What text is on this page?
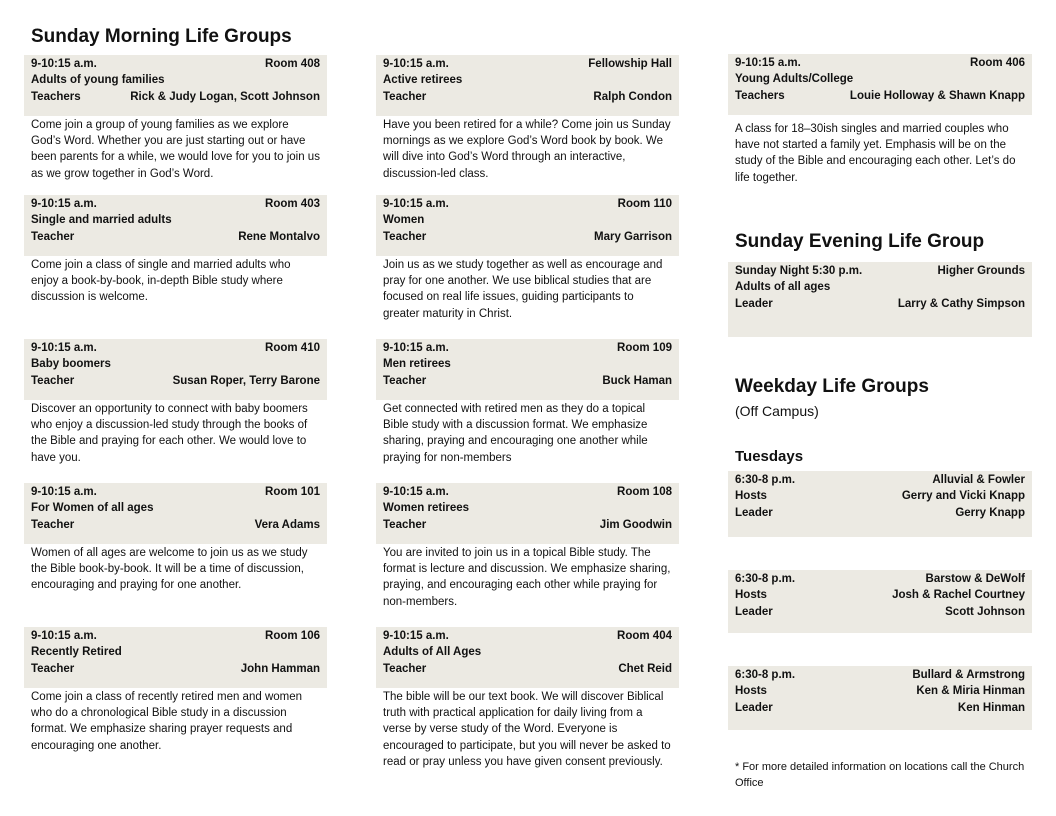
Sunday Morning Life Groups
Sunday Evening Life Group
Weekday Life Groups
(Off Campus)
Tuesdays
9-10:15 a.m.	Room 408
Adults of young families
Teachers	Rick & Judy Logan, Scott Johnson
Come join a group of young families as we explore God’s Word. Whether you are just starting out or have been parents for a while, we would love for you to join us as we grow together in God’s Word.
9-10:15 a.m.	Room 403
Single and married adults
Teacher	Rene Montalvo
Come join a class of single and married adults who enjoy a book-by-book, in-depth Bible study where discussion is welcome.
9-10:15 a.m.	Room 410
Baby boomers
Teacher	Susan Roper, Terry Barone
Discover an opportunity to connect with baby boomers who enjoy a discussion-led study through the books of the Bible and praying for each other. We would love to have you.
9-10:15 a.m.	Room 101
For Women of all ages
Teacher	Vera Adams
Women of all ages are welcome to join us as we study the Bible book-by-book. It will be a time of discussion, encouraging and praying for one another.
9-10:15 a.m.	Room 106
Recently Retired
Teacher	John Hamman
Come join a class of recently retired men and women who do a chronological Bible study in a discussion format. We emphasize sharing prayer requests and encouraging one another.
9-10:15 a.m.	Fellowship Hall
Active retirees
Teacher	Ralph Condon
Have you been retired for a while? Come join us Sunday mornings as we explore God’s Word book by book. We will dive into God’s Word through an interactive, discussion-led class.
9-10:15 a.m.	Room 110
Women
Teacher	Mary Garrison
Join us as we study together as well as encourage and pray for one another. We use biblical studies that are focused on real life issues, guiding participants to greater maturity in Christ.
9-10:15 a.m.	Room 109
Men retirees
Teacher	Buck Haman
Get connected with retired men as they do a topical Bible study with a discussion format. We emphasize sharing, praying and encouraging one another while praying for non-members
9-10:15 a.m.	Room 108
Women retirees
Teacher	Jim Goodwin
You are invited to join us in a topical Bible study. The format is lecture and discussion. We emphasize sharing, praying, and encouraging each other while praying for non-members.
9-10:15 a.m.	Room 404
Adults of All Ages
Teacher	Chet Reid
The bible will be our text book. We will discover Biblical truth with practical application for daily living from a verse by verse study of the Word. Everyone is encouraged to participate, but you will never be asked to read or pray unless you have given consent previously.
9-10:15 a.m.	Room 406
Young Adults/College
Teachers	Louie Holloway & Shawn Knapp
A class for 18–30ish singles and married couples who have not started a family yet. Emphasis will be on the study of the Bible and encouraging each other. Let’s do life together.
Sunday Night 5:30 p.m.	Higher Grounds
Adults of all ages
Leader	Larry & Cathy Simpson
6:30-8 p.m.	Alluvial & Fowler
Hosts	Gerry and Vicki Knapp
Leader	Gerry Knapp
6:30-8 p.m.	Barstow & DeWolf
Hosts	Josh & Rachel Courtney
Leader	Scott Johnson
6:30-8 p.m.	Bullard & Armstrong
Hosts	Ken & Miria Hinman
Leader	Ken Hinman
* For more detailed information on locations call the Church Office
